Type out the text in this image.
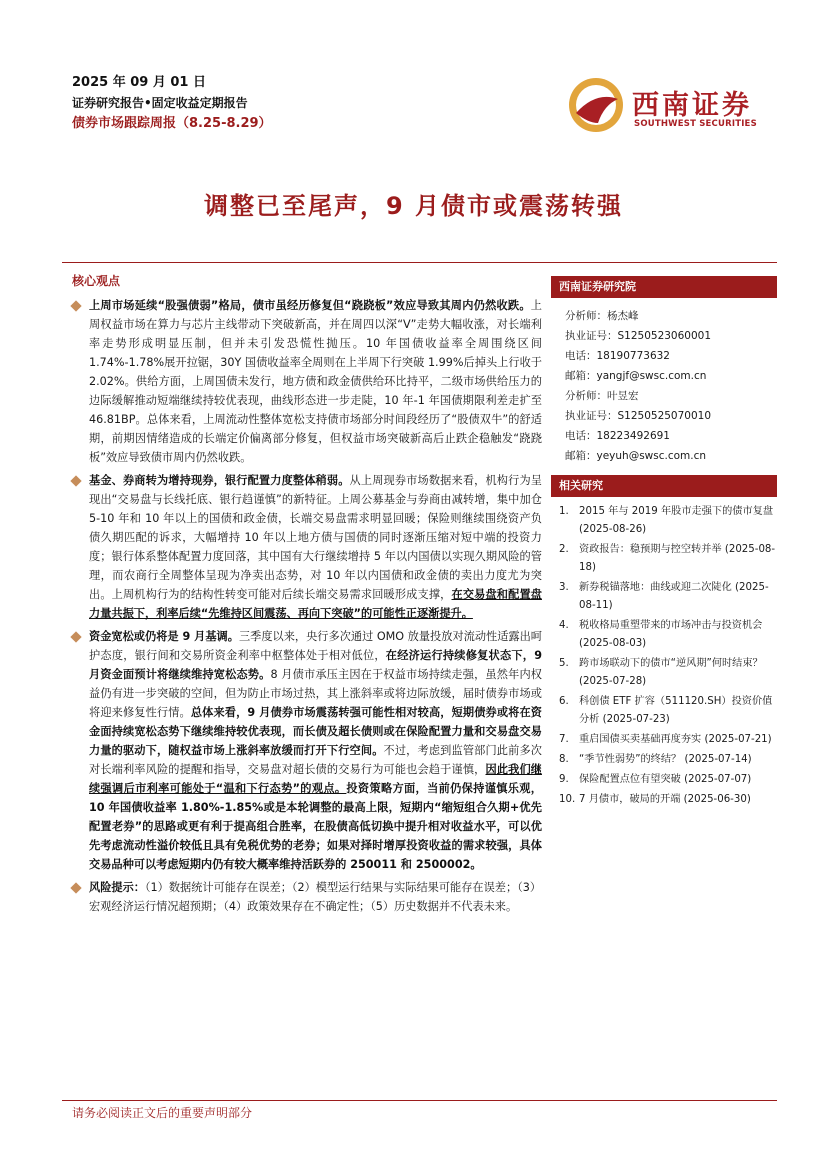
2025 年 09 月 01 日
证券研究报告•固定收益定期报告
债券市场跟踪周报（8.25-8.29）
西南证券
SOUTHWEST SECURITIES
调整已至尾声，9 月债市或震荡转强
核心观点
上周市场延续“股强债弱”格局，债市虽经历修复但“跷跷板”效应导致其周内仍然收跌。上周权益市场在算力与芯片主线带动下突破新高，并在周四以深“V”走势大幅收涨，对长端利率走势形成明显压制，但并未引发恐慌性抛压。10 年国债收益率全周围绕区间 1.74%-1.78%展开拉锯，30Y 国债收益率全周则在上半周下行突破 1.99%后掉头上行收于 2.02%。供给方面，上周国债未发行，地方债和政金债供给环比持平，二级市场供给压力的边际缓解推动短端继续持较优表现，曲线形态进一步走陡，10 年-1 年国债期限利差走扩至 46.81BP。总体来看，上周流动性整体宽松支持债市场部分时间段经历了“股债双牛”的舒适期，前期因情绪造成的长端定价偏离部分修复，但权益市场突破新高后止跌企稳触发“跷跷板”效应导致债市周内仍然收跌。
基金、券商转为增持现券，银行配置力度整体稍弱。从上周现券市场数据来看，机构行为呈现出“交易盘与长线托底、银行趋谨慎”的新特征。上周公募基金与券商由减转增，集中加仓 5-10 年和 10 年以上的国债和政金债，长端交易盘需求明显回暖；保险则继续围绕资产负债久期匹配的诉求，大幅增持 10 年以上地方债与国债的同时逐渐压缩对短中端的投资力度；银行体系整体配置力度回落，其中国有大行继续增持 5 年以内国债以实现久期风险的管理，而农商行全周整体呈现为净卖出态势，对 10 年以内国债和政金债的卖出力度尤为突出。上周机构行为的结构性转变可能对后续长端交易需求回暖形成支撑，在交易盘和配置盘力量共振下，利率后续“先维持区间震荡、再向下突破”的可能性正逐渐提升。
资金宽松或仍将是 9 月基调。三季度以来，央行多次通过 OMO 放量投放对流动性适露出呵护态度，银行间和交易所资金利率中枢整体处于相对低位，在经济运行持续修复状态下，9 月资金面预计将继续维持宽松态势。8 月债市承压主因在于权益市场持续走强，虽然年内权益仍有进一步突破的空间，但为防止市场过热，其上涨斜率或将边际放缓，届时债券市场或将迎来修复性行情。总体来看，9 月债券市场震荡转强可能性相对较高，短期债券或将在资金面持续宽松态势下继续维持较优表现，而长债及超长债则或在保险配置力量和交易盘交易力量的驱动下，随权益市场上涨斜率放缓而打开下行空间。不过，考虑到监管部门此前多次对长端利率风险的提醒和指导，交易盘对超长债的交易行为可能也会趋于谨慎，因此我们继续强调后市利率可能处于“温和下行态势”的观点。投资策略方面，当前仍保持谨慎乐观，10 年国债收益率 1.80%-1.85%或是本轮调整的最高上限，短期内“缩短组合久期+优先配置老券”的思路或更有利于提高组合胜率，在股债高低切换中提升相对收益水平，可以优先考虑流动性溢价较低且具有免税优势的老券；如果对择时增厚投资收益的需求较强，具体交易品种可以考虑短期内仍有较大概率维持活跃券的 250011 和 2500002。
风险提示：（1）数据统计可能存在误差；（2）模型运行结果与实际结果可能存在误差；（3）宏观经济运行情况超预期；（4）政策效果存在不确定性；（5）历史数据并不代表未来。
西南证券研究院
分析师：杨杰峰
执业证号：S1250523060001
电话：18190773632
邮箱：yangjf@swsc.com.cn
分析师：叶昱宏
执业证号：S1250525070010
电话：18223492691
邮箱：yeyuh@swsc.com.cn
相关研究
1. 2015 年与 2019 年股市走强下的债市复盘 (2025-08-26)
2. 资政报告：稳预期与控空转并举 (2025-08-18)
3. 新券税锚落地：曲线或迎二次陡化 (2025-08-11)
4. 税收格局重塑带来的市场冲击与投资机会 (2025-08-03)
5. 跨市场联动下的债市“逆风期”何时结束？ (2025-07-28)
6. 科创债 ETF 扩容（511120.SH）投资价值分析 (2025-07-23)
7. 重启国债买卖基础再度夯实 (2025-07-21)
8. “季节性弱势”的终结？ (2025-07-14)
9. 保险配置点位有望突破 (2025-07-07)
10. 7 月债市，破局的开端 (2025-06-30)
请务必阅读正文后的重要声明部分
